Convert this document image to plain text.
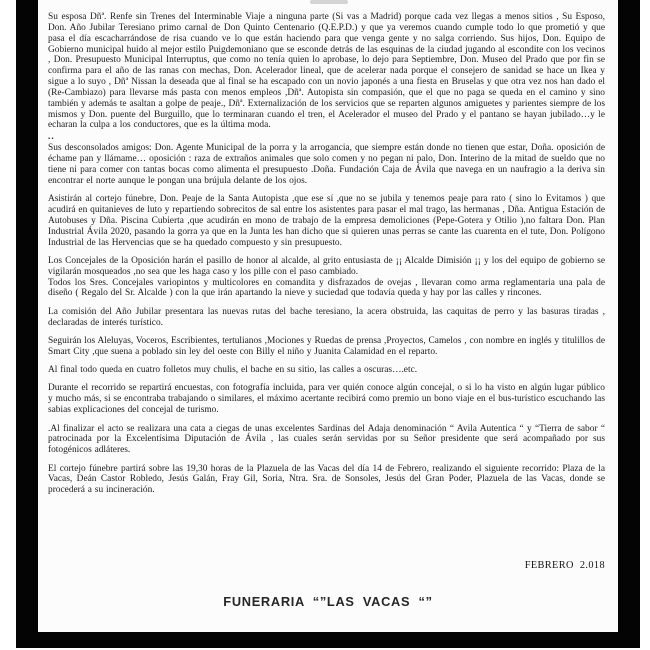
Su esposa Dñª. Renfe sin Trenes del Interminable Viaje a ninguna parte (Si vas a Madrid) porque cada vez llegas a menos sitios , Su Esposo, Don. Año Jubilar Teresiano primo carnal de Don Quinto Centenario (Q.E.P.D.) y que ya veremos cuando cumple todo lo que prometió y que pasa el día escacharrándose de risa cuando ve lo que están haciendo para que venga gente y no salga corriendo. Sus hijos, Don. Equipo de Gobierno municipal huido al mejor estilo Puigdemoniano que se esconde detrás de las esquinas de la ciudad jugando al escondite con los vecinos , Don. Presupuesto Municipal Interruptus, que como no tenía quien lo aprobase, lo dejo para Septiembre, Don. Museo del Prado que por fin se confirma para el año de las ranas con mechas, Don. Acelerador lineal, que de acelerar nada porque el consejero de sanidad se hace un Ikea y sigue a lo suyo , Dñª Nissan la deseada que al final se ha escapado con un novio japonés a una fiesta en Bruselas y que otra vez nos han dado el (Re-Cambiazo) para llevarse más pasta con menos empleos ,Dñª. Autopista sin compasión, que el que no paga se queda en el camino y sino también y además te asaltan a golpe de peaje., Dñª. Externalización de los servicios que se reparten algunos amiguetes y parientes siempre de los mismos y Don. puente del Burguillo, que lo terminaran cuando el tren, el Acelerador el museo del Prado y el pantano se hayan jubilado…y le echaran la culpa a los conductores, que es la última moda.

..

Sus desconsolados amigos: Don. Agente Municipal de la porra y la arrogancia, que siempre están donde no tienen que estar, Doña. oposición de échame pan y llámame… oposición : raza de extraños animales que solo comen y no pegan ni palo, Don. Interino de la mitad de sueldo que no tiene ni para comer con tantas bocas como alimenta el presupuesto .Doña. Fundación Caja de Ávila que navega en un naufragio a la deriva sin encontrar el norte aunque le pongan una brújula delante de los ojos.

Asistirán al cortejo fúnebre, Don. Peaje de la Santa Autopista ,que ese sí ,que no se jubila y tenemos peaje para rato ( sino lo Evitamos ) que acudirá en quitanieves de luto y repartiendo sobrecitos de sal entre los asistentes para pasar el mal trago, las hermanas , Dña. Antigua Estación de Autobuses y Dña. Piscina Cubierta ,que acudirán en mono de trabajo de la empresa demoliciones (Pepe-Gotera y Otilio ),no faltara Don. Plan Industrial Ávila 2020, pasando la gorra ya que en la Junta les han dicho que si quieren unas perras se cante las cuarenta en el tute, Don. Polígono Industrial de las Hervencias que se ha quedado compuesto y sin presupuesto.

Los Concejales de la Oposición harán el pasillo de honor al alcalde, al grito entusiasta de ¡¡ Alcalde Dimisión ¡¡ y los del equipo de gobierno se vigilarán mosqueados ,no sea que les haga caso y los pille con el paso cambiado.

Todos los Sres. Concejales variopintos y multicolores en comandita y disfrazados de ovejas , llevaran como arma reglamentaria una pala de diseño ( Regalo del Sr. Alcalde ) con la que irán apartando la nieve y suciedad que todavía queda y hay por las calles y rincones.

La comisión del Año Jubilar presentara las nuevas rutas del bache teresiano, la acera obstruida, las caquitas de perro y las basuras tiradas , declaradas de interés turístico.

Seguirán los Aleluyas, Voceros, Escribientes, tertulianos ,Mociones y Ruedas de prensa ,Proyectos, Camelos , con nombre en inglés y titulillos de Smart City ,que suena a poblado sin ley del oeste con Billy el niño y Juanita Calamidad en el reparto.

Al final todo queda en cuatro folletos muy chulis, el bache en su sitio, las calles a oscuras….etc.

Durante el recorrido se repartirá encuestas, con fotografía incluida, para ver quién conoce algún concejal, o si lo ha visto en algún lugar público y mucho más, si se encontraba trabajando o similares, el máximo acertante recibirá como premio un bono viaje en el bus-turístico escuchando las sabias explicaciones del concejal de turismo.

.Al finalizar el acto se realizara una cata a ciegas de unas excelentes Sardinas del Adaja denominación “ Avila Autentica “ y “Tierra de sabor “ patrocinada por la Excelentísima Diputación de Ávila , las cuales serán servidas por su Señor presidente que será acompañado por sus fotogénicos adláteres.

El cortejo fúnebre partirá sobre las 19,30 horas de la Plazuela de las Vacas del día 14 de Febrero, realizando el siguiente recorrido: Plaza de la Vacas, Deán Castor Robledo, Jesús Galán, Fray Gil, Soria, Ntra. Sra. de Sonsoles, Jesús del Gran Poder, Plazuela de las Vacas, donde se procederá a su incineración.

FEBRERO 2.018
FUNERARIA “”LAS VACAS “”
